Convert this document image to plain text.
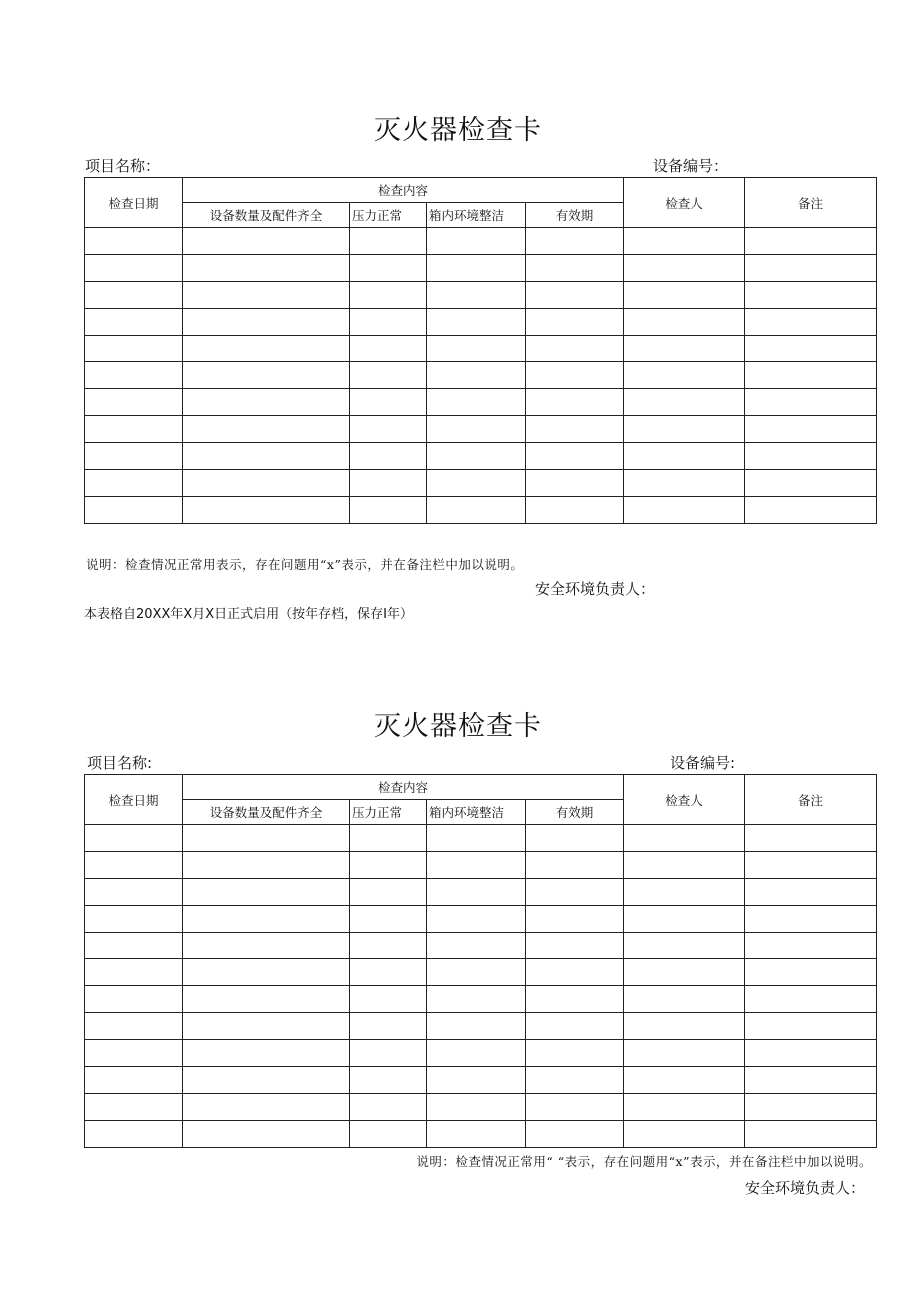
灭火器检查卡
项目名称：	设备编号：
检查日期	检查内容				检查人	备注
	设备数量及配件齐全	压力正常	箱内环境整洁	有效期		

说明：检查情况正常用表示，存在问题用“x”表示，并在备注栏中加以说明。
安全环境负责人：
本表格自20XX年X月X日正式启用（按年存档，保存I年）
灭火器检查卡
项目名称:	设备编号:
检查日期	检查内容				检查人	备注
	设备数量及配件齐全	压力正常	箱内环境整洁	有效期		

说明：检查情况正常用“ “表示，存在问题用“x”表示，并在备注栏中加以说明。
安全环境负责人：
